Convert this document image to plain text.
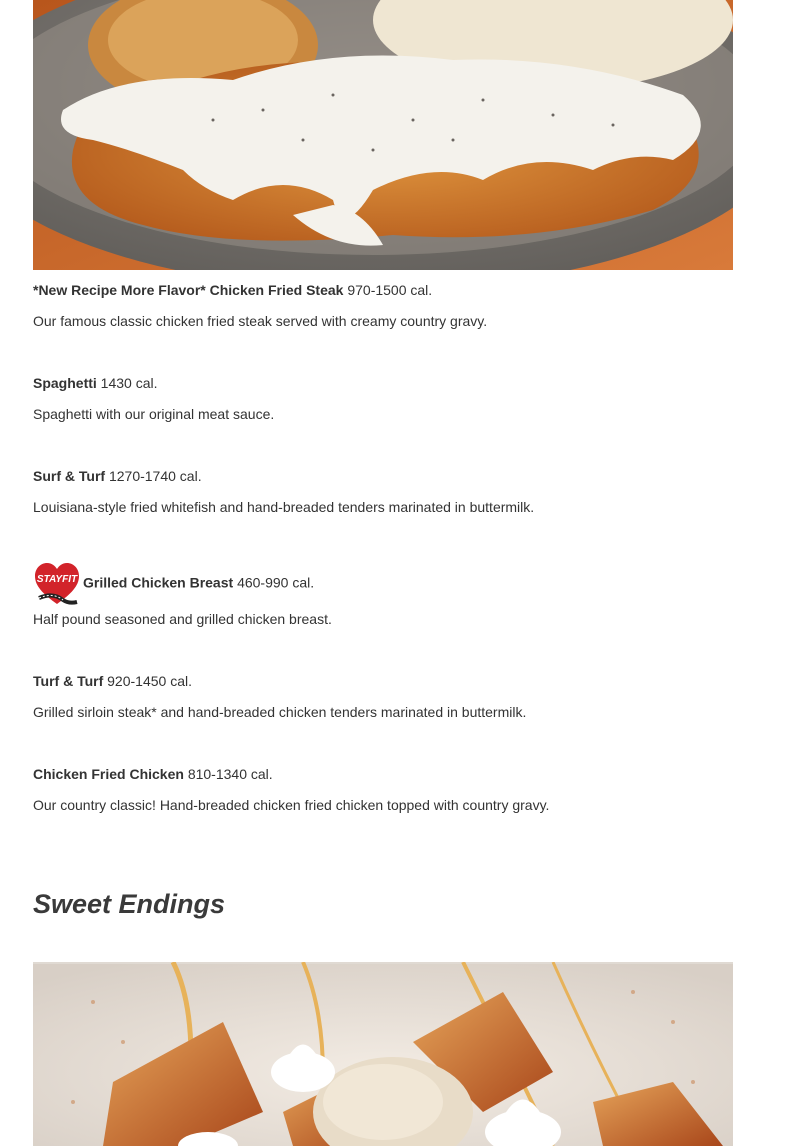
*New Recipe More Flavor* Chicken Fried Steak 970-1500 cal.
Our famous classic chicken fried steak served with creamy country gravy.
Spaghetti 1430 cal.
Spaghetti with our original meat sauce.
Surf & Turf 1270-1740 cal.
Louisiana-style fried whitefish and hand-breaded tenders marinated in buttermilk.
STAYFIT Grilled Chicken Breast 460-990 cal.
Half pound seasoned and grilled chicken breast.
Turf & Turf 920-1450 cal.
Grilled sirloin steak* and hand-breaded chicken tenders marinated in buttermilk.
Chicken Fried Chicken 810-1340 cal.
Our country classic! Hand-breaded chicken fried chicken topped with country gravy.
Sweet Endings
